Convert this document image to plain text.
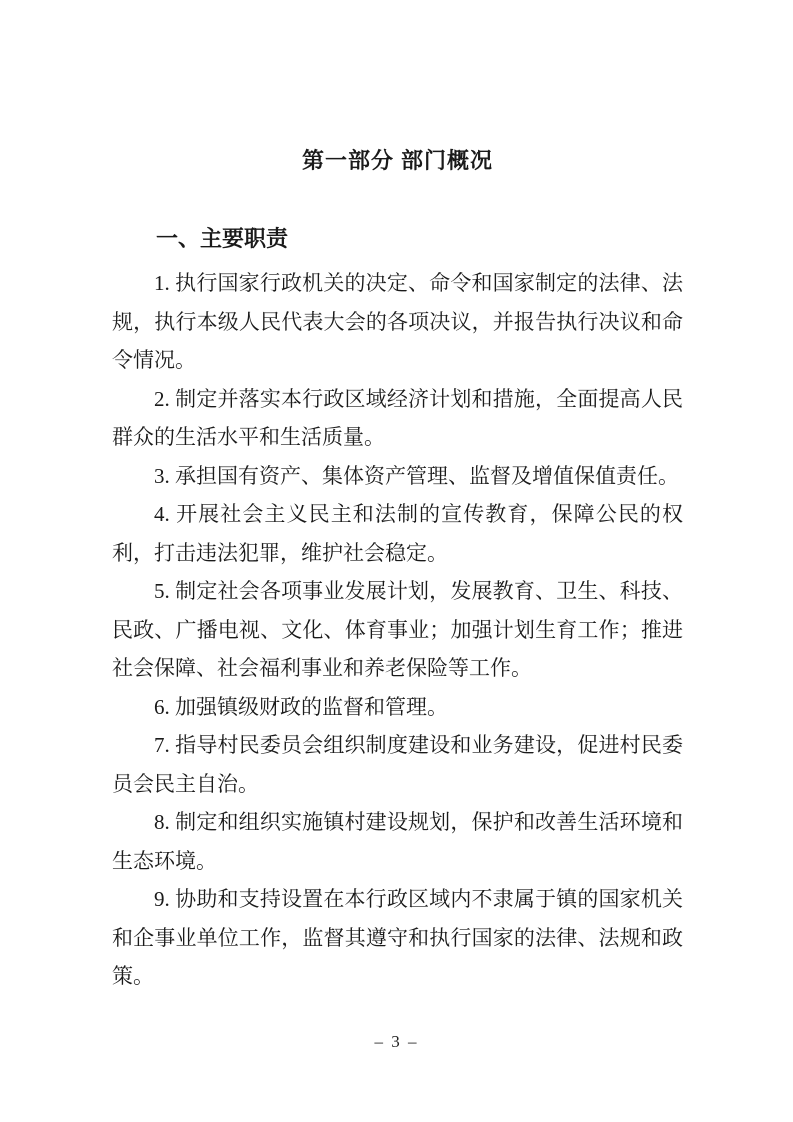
第一部分 部门概况
一、主要职责

1. 执行国家行政机关的决定、命令和国家制定的法律、法规，执行本级人民代表大会的各项决议，并报告执行决议和命令情况。

2. 制定并落实本行政区域经济计划和措施，全面提高人民群众的生活水平和生活质量。

3. 承担国有资产、集体资产管理、监督及增值保值责任。

4. 开展社会主义民主和法制的宣传教育，保障公民的权利，打击违法犯罪，维护社会稳定。

5. 制定社会各项事业发展计划，发展教育、卫生、科技、民政、广播电视、文化、体育事业；加强计划生育工作；推进社会保障、社会福利事业和养老保险等工作。

6. 加强镇级财政的监督和管理。

7. 指导村民委员会组织制度建设和业务建设，促进村民委员会民主自治。

8. 制定和组织实施镇村建设规划，保护和改善生活环境和生态环境。

9. 协助和支持设置在本行政区域内不隶属于镇的国家机关和企事业单位工作，监督其遵守和执行国家的法律、法规和政策。

– 3 –
